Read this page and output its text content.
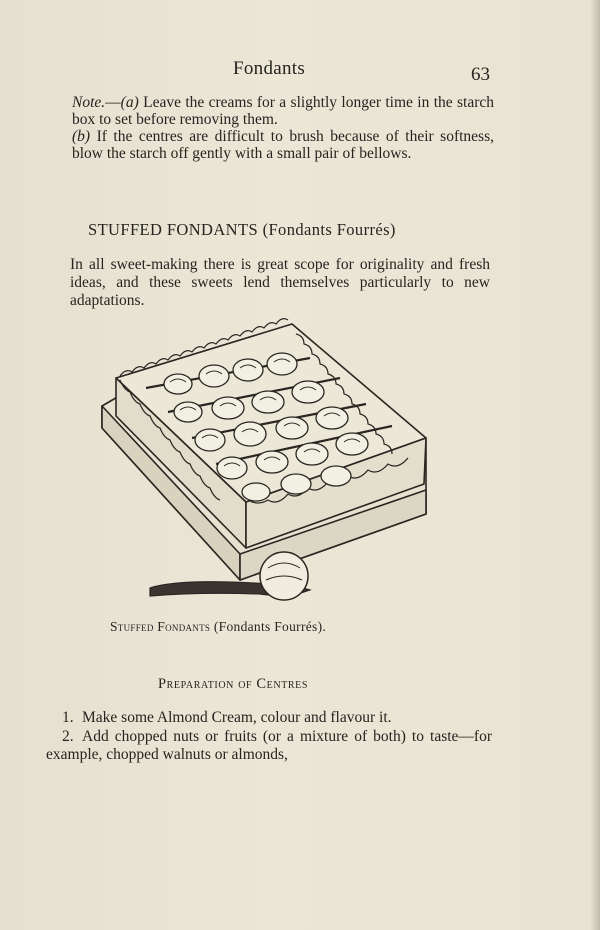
Fondants	63

Note.—(a) Leave the creams for a slightly longer time in the starch box to set before removing them.

(b) If the centres are difficult to brush because of their softness, blow the starch off gently with a small pair of bellows.

STUFFED FONDANTS (Fondants Fourrés)
In all sweet-making there is great scope for originality and fresh ideas, and these sweets lend themselves particularly to new adaptations.
Stuffed Fondants (Fondants Fourrés).
Preparation of Centres

1. Make some Almond Cream, colour and flavour it.

2. Add chopped nuts or fruits (or a mixture of both) to taste—for example, chopped walnuts or almonds,
